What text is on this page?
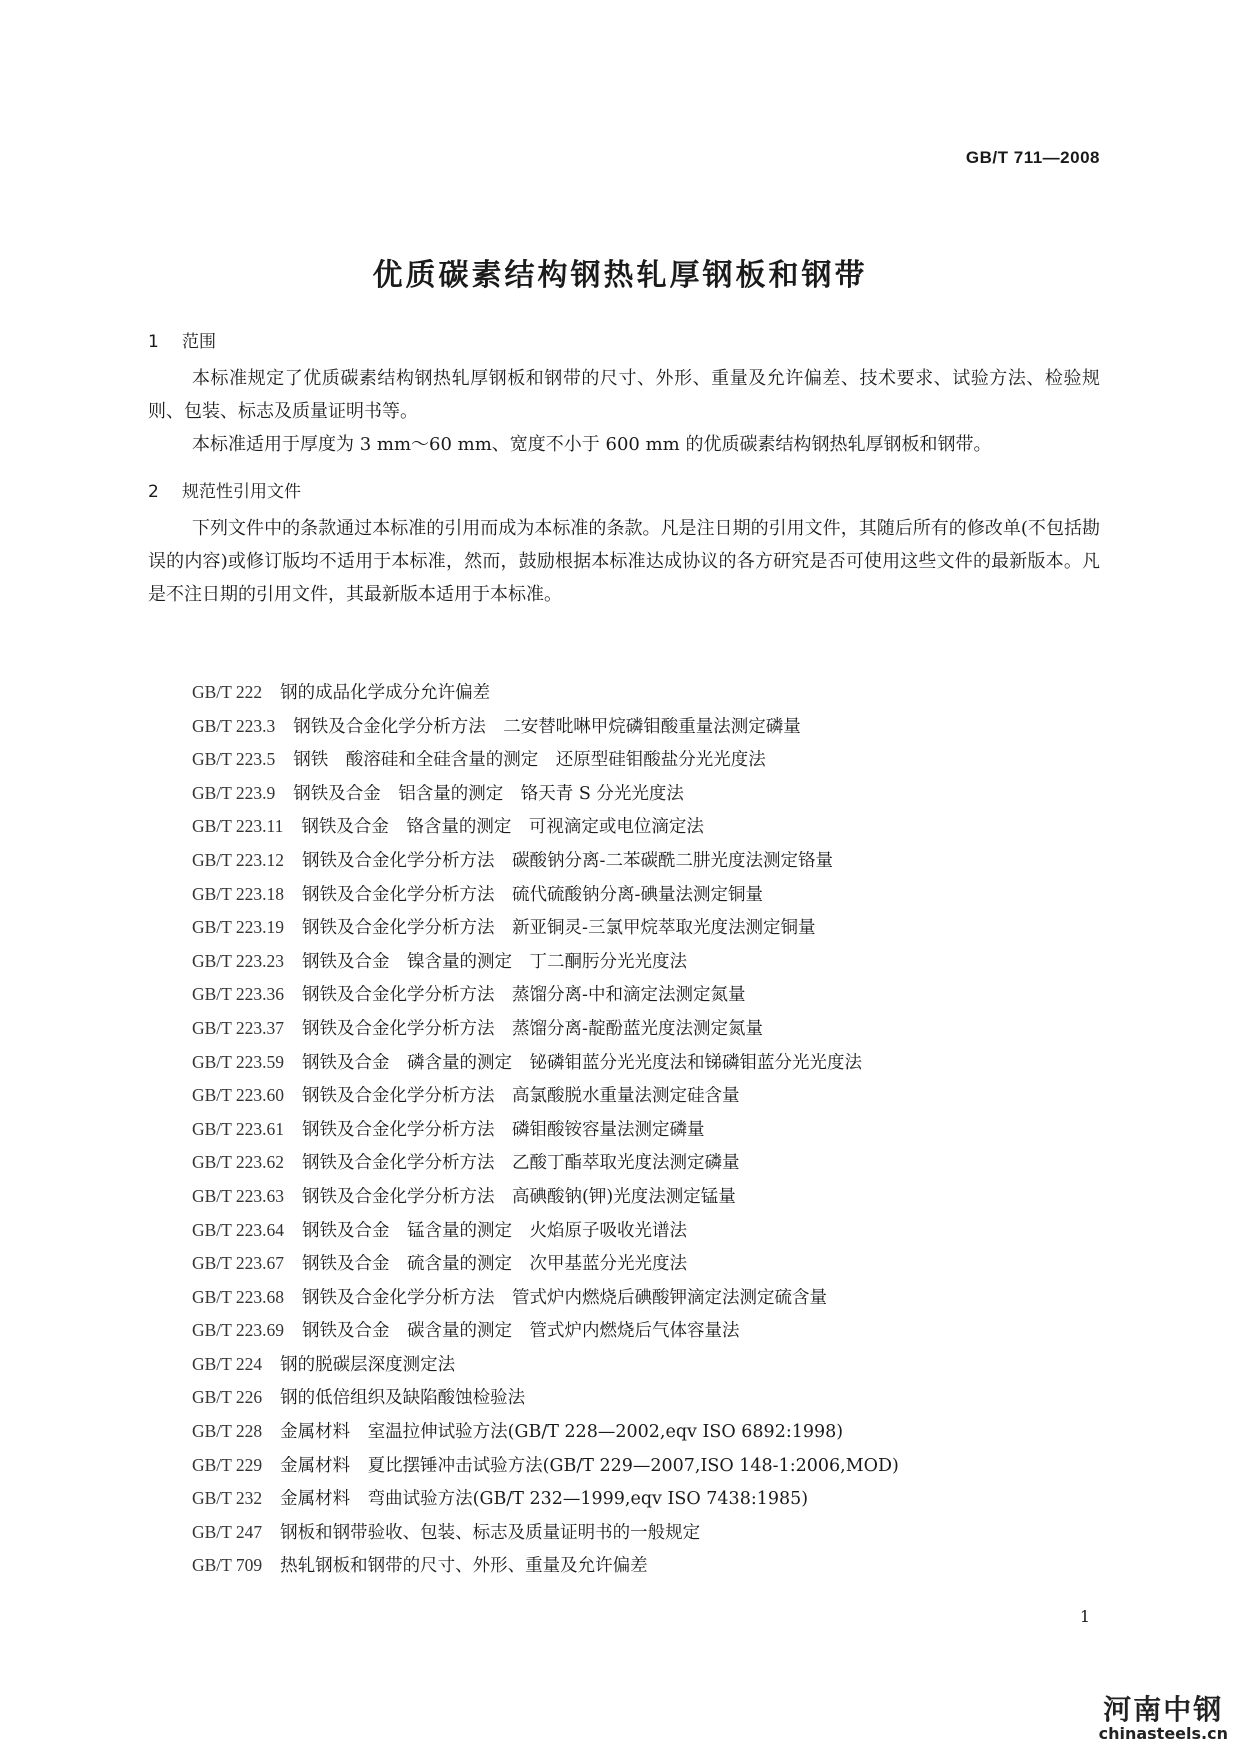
GB/T 711—2008
优质碳素结构钢热轧厚钢板和钢带
1 范围

本标准规定了优质碳素结构钢热轧厚钢板和钢带的尺寸、外形、重量及允许偏差、技术要求、试验方法、检验规则、包装、标志及质量证明书等。

本标准适用于厚度为 3 mm～60 mm、宽度不小于 600 mm 的优质碳素结构钢热轧厚钢板和钢带。

2 规范性引用文件

下列文件中的条款通过本标准的引用而成为本标准的条款。凡是注日期的引用文件，其随后所有的修改单(不包括勘误的内容)或修订版均不适用于本标准，然而，鼓励根据本标准达成协议的各方研究是否可使用这些文件的最新版本。凡是不注日期的引用文件，其最新版本适用于本标准。

GB/T 222 钢的成品化学成分允许偏差
GB/T 223.3 钢铁及合金化学分析方法　二安替吡啉甲烷磷钼酸重量法测定磷量
GB/T 223.5 钢铁　酸溶硅和全硅含量的测定　还原型硅钼酸盐分光光度法
GB/T 223.9 钢铁及合金　铝含量的测定　铬天青 S 分光光度法
GB/T 223.11 钢铁及合金　铬含量的测定　可视滴定或电位滴定法
GB/T 223.12 钢铁及合金化学分析方法　碳酸钠分离-二苯碳酰二肼光度法测定铬量
GB/T 223.18 钢铁及合金化学分析方法　硫代硫酸钠分离-碘量法测定铜量
GB/T 223.19 钢铁及合金化学分析方法　新亚铜灵-三氯甲烷萃取光度法测定铜量
GB/T 223.23 钢铁及合金　镍含量的测定　丁二酮肟分光光度法
GB/T 223.36 钢铁及合金化学分析方法　蒸馏分离-中和滴定法测定氮量
GB/T 223.37 钢铁及合金化学分析方法　蒸馏分离-靛酚蓝光度法测定氮量
GB/T 223.59 钢铁及合金　磷含量的测定　铋磷钼蓝分光光度法和锑磷钼蓝分光光度法
GB/T 223.60 钢铁及合金化学分析方法　高氯酸脱水重量法测定硅含量
GB/T 223.61 钢铁及合金化学分析方法　磷钼酸铵容量法测定磷量
GB/T 223.62 钢铁及合金化学分析方法　乙酸丁酯萃取光度法测定磷量
GB/T 223.63 钢铁及合金化学分析方法　高碘酸钠(钾)光度法测定锰量
GB/T 223.64 钢铁及合金　锰含量的测定　火焰原子吸收光谱法
GB/T 223.67 钢铁及合金　硫含量的测定　次甲基蓝分光光度法
GB/T 223.68 钢铁及合金化学分析方法　管式炉内燃烧后碘酸钾滴定法测定硫含量
GB/T 223.69 钢铁及合金　碳含量的测定　管式炉内燃烧后气体容量法
GB/T 224 钢的脱碳层深度测定法
GB/T 226 钢的低倍组织及缺陷酸蚀检验法
GB/T 228 金属材料　室温拉伸试验方法(GB/T 228—2002,eqv ISO 6892:1998)
GB/T 229 金属材料　夏比摆锤冲击试验方法(GB/T 229—2007,ISO 148-1:2006,MOD)
GB/T 232 金属材料　弯曲试验方法(GB/T 232—1999,eqv ISO 7438:1985)
GB/T 247 钢板和钢带验收、包装、标志及质量证明书的一般规定
GB/T 709 热轧钢板和钢带的尺寸、外形、重量及允许偏差
1
河南中钢
chinasteels.cn
